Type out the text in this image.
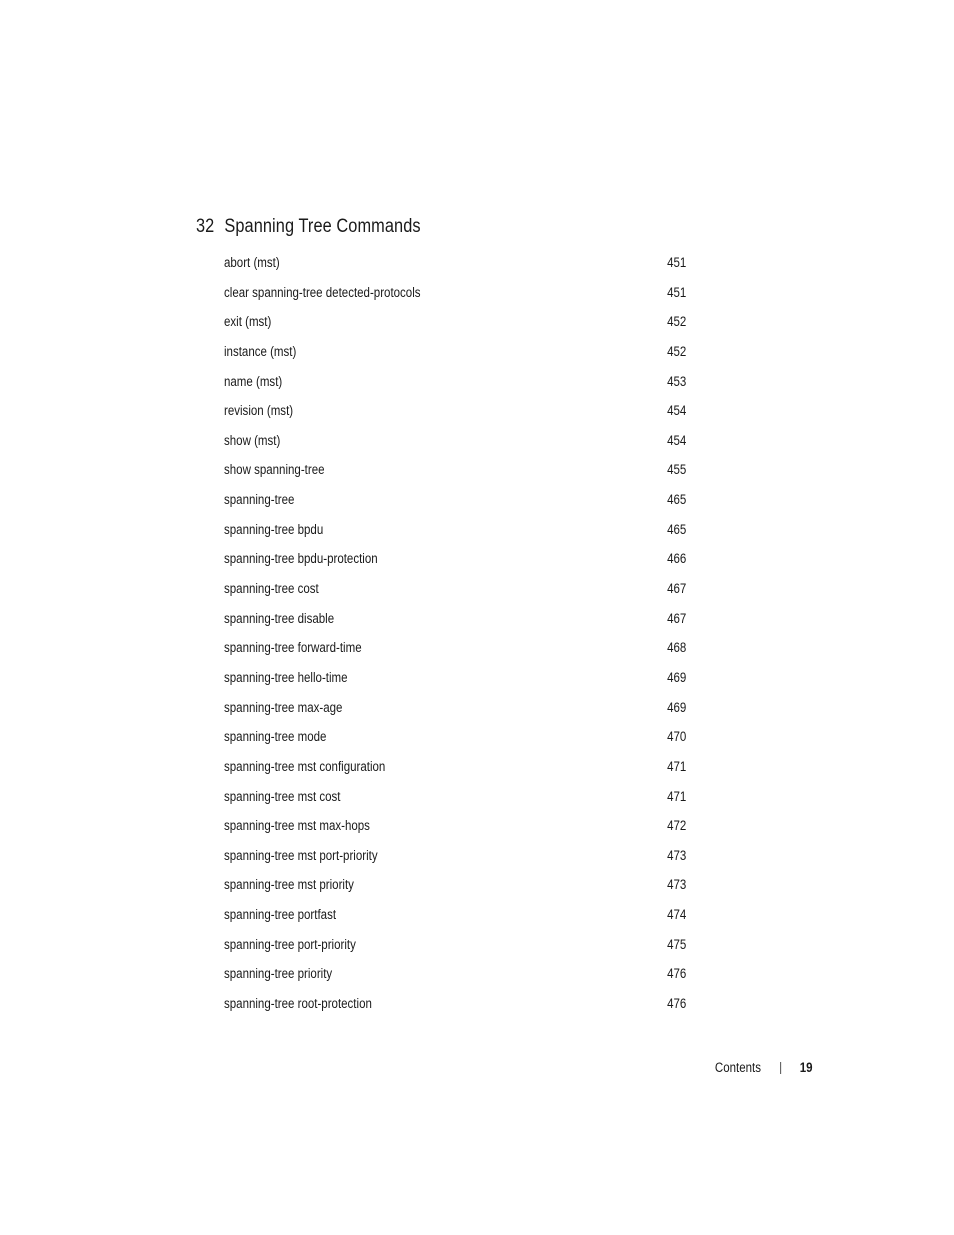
32 Spanning Tree Commands
abort (mst)	451
clear spanning-tree detected-protocols	451
exit (mst)	452
instance (mst)	452
name (mst)	453
revision (mst)	454
show (mst)	454
show spanning-tree	455
spanning-tree	465
spanning-tree bpdu	465
spanning-tree bpdu-protection	466
spanning-tree cost	467
spanning-tree disable	467
spanning-tree forward-time	468
spanning-tree hello-time	469
spanning-tree max-age	469
spanning-tree mode	470
spanning-tree mst configuration	471
spanning-tree mst cost	471
spanning-tree mst max-hops	472
spanning-tree mst port-priority	473
spanning-tree mst priority	473
spanning-tree portfast	474
spanning-tree port-priority	475
spanning-tree priority	476
spanning-tree root-protection	476
Contents	19
